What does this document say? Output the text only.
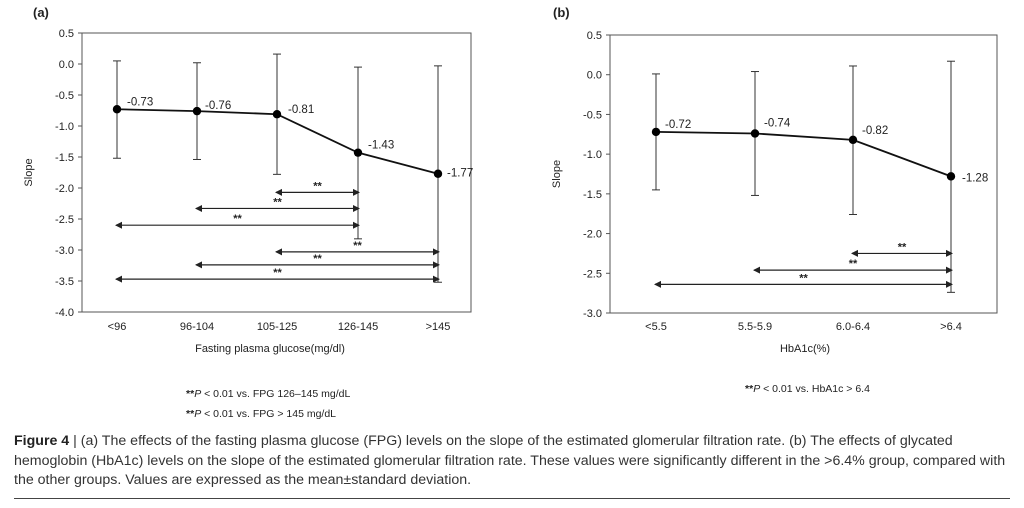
(a)
0.5
0.0
-0.5
-1.0
-1.5
-2.0
-2.5
-3.0
-3.5
-4.0
<96	96-104	105-125	126-145	>145
Slope
Fasting plasma glucose(mg/dl)
-0.73	-0.76	-0.81
-1.43
-1.77
**
**
**
**
**
**
**P < 0.01 vs. FPG 126–145 mg/dL
**P < 0.01 vs. FPG > 145 mg/dL
(b)
0.5
0.0
-0.5
-1.0
-1.5
-2.0
-2.5
-3.0
<5.5	5.5-5.9	6.0-6.4	>6.4
Slope
HbA1c(%)
-0.72	-0.74
-0.82
-1.28
**
**
**
**P < 0.01 vs. HbA1c > 6.4
Figure 4 | (a) The effects of the fasting plasma glucose (FPG) levels on the slope of the estimated glomerular filtration rate. (b) The effects of glycated hemoglobin (HbA1c) levels on the slope of the estimated glomerular filtration rate. These values were significantly different in the >6.4% group, compared with the other groups. Values are expressed as the mean±standard deviation.
